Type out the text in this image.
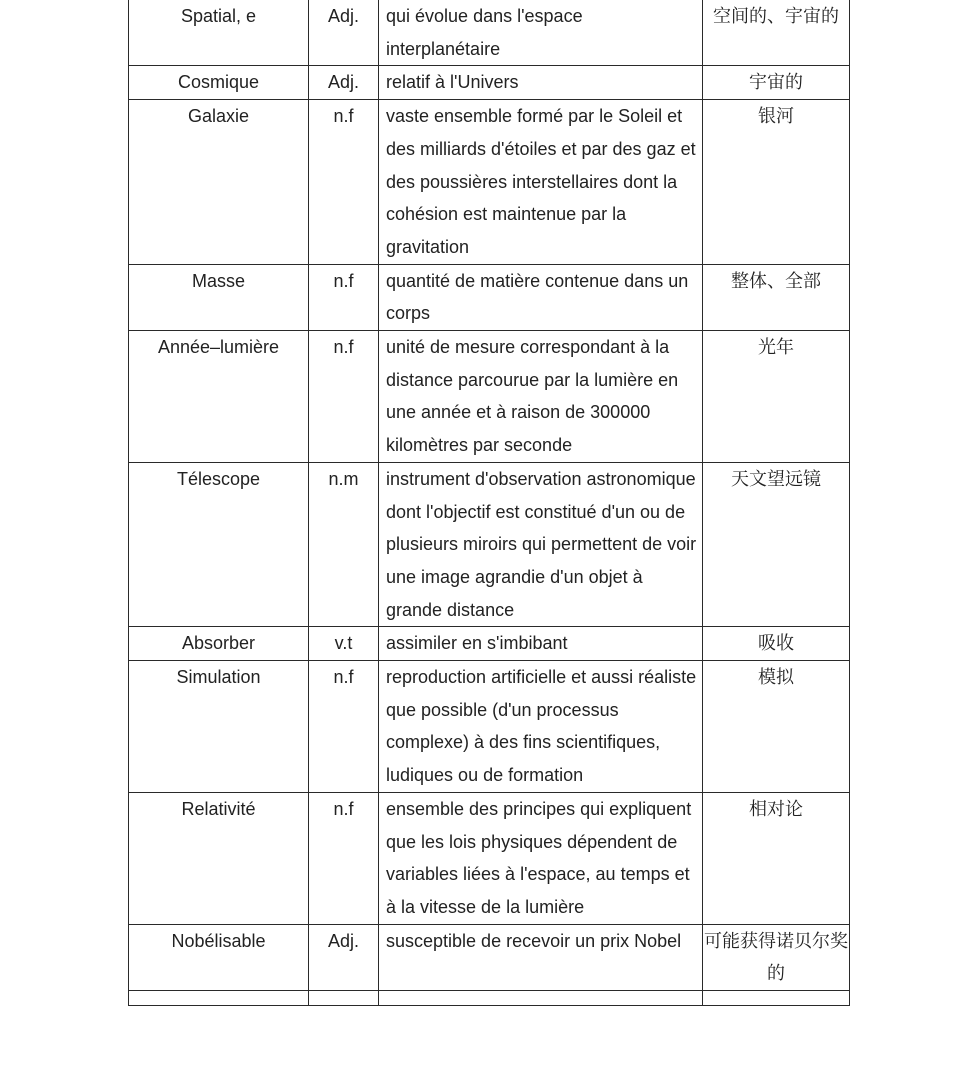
Spatial, e	Adj.	qui évolue dans l'espace interplanétaire	空间的、宇宙的
Cosmique	Adj.	relatif à l'Univers	宇宙的
Galaxie	n.f	vaste ensemble formé par le Soleil et des milliards d'étoiles et par des gaz et des poussières interstellaires dont la cohésion est maintenue par la gravitation	银河
Masse	n.f	quantité de matière contenue dans un corps	整体、全部
Année–lumière	n.f	unité de mesure correspondant à la distance parcourue par la lumière en une année et à raison de 300000 kilomètres par seconde	光年
Télescope	n.m	instrument d'observation astronomique dont l'objectif est constitué d'un ou de plusieurs miroirs qui permettent de voir une image agrandie d'un objet à grande distance	天文望远镜
Absorber	v.t	assimiler en s'imbibant	吸收
Simulation	n.f	reproduction artificielle et aussi réaliste que possible (d'un processus complexe) à des fins scientifiques, ludiques ou de formation	模拟
Relativité	n.f	ensemble des principes qui expliquent que les lois physiques dépendent de variables liées à l'espace, au temps et à la vitesse de la lumière	相对论
Nobélisable	Adj.	susceptible de recevoir un prix Nobel	可能获得诺贝尔奖的
